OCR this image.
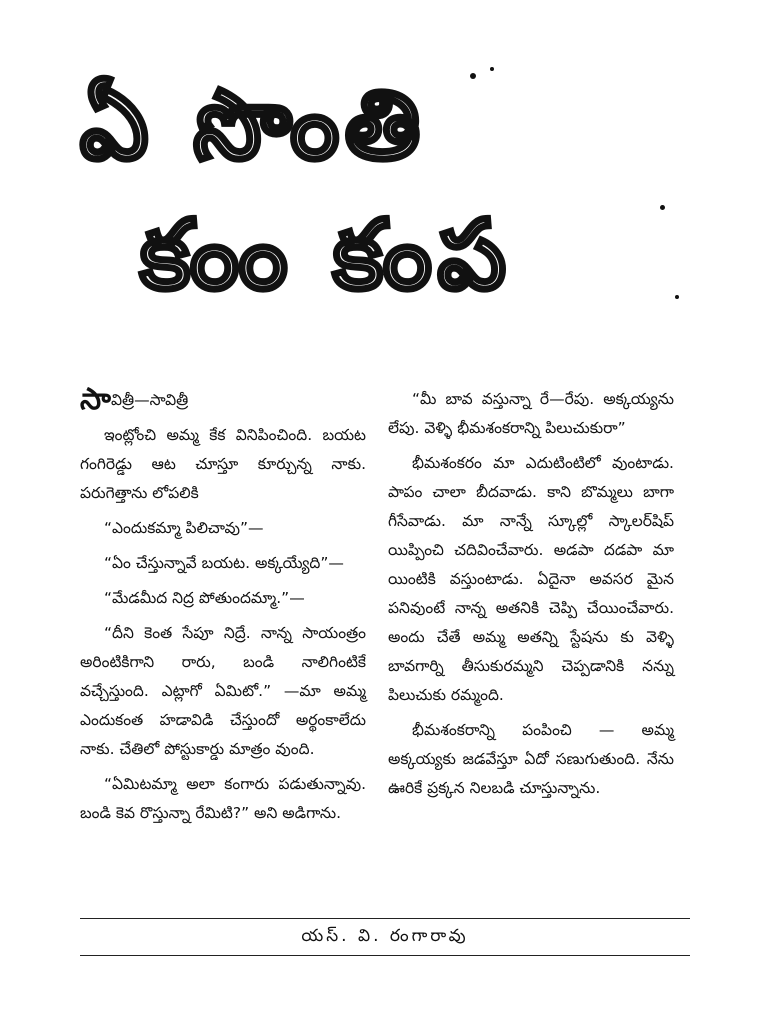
ఏ సొంతి
కంం కంప

సావిత్రీ—సావిత్రీ

ఇంట్లోంచి అమ్మ కేక వినిపించింది. బయట గంగిరెడ్డు ఆట చూస్తూ కూర్చున్న నాకు. పరుగెత్తాను లోపలికి

“ఎందుకమ్మా పిలిచావు”—

“ఏం చేస్తున్నావే బయట. అక్కయ్యేది”—

“మేడమీద నిద్ర పోతుందమ్మా.”—

“దీని కెంత సేపూ నిద్రే. నాన్న సాయంత్రం అరింటికిగాని రారు, బండి నాలిగింటికే వచ్చేస్తుంది. ఎట్లాగో ఏమిటో.” —మా అమ్మ ఎందుకంత హడావిడి చేస్తుందో అర్థంకాలేదు నాకు. చేతిలో పోస్టుకార్డు మాత్రం వుంది.

“ఏమిటమ్మా అలా కంగారు పడుతున్నావు. బండి కెవ రొస్తున్నా రేమిటి?” అని అడిగాను.

“మీ బావ వస్తున్నా రే—రేపు. అక్కయ్యను లేపు. వెళ్ళి భీమశంకరాన్ని పిలుచుకురా”

భీమశంకరం మా ఎదుటింటిలో వుంటాడు. పాపం చాలా బీదవాడు. కాని బొమ్మలు బాగా గీసేవాడు. మా నాన్నే స్కూల్లో స్కాలర్‌షిప్ యిప్పించి చదివించేవారు. అడపా దడపా మా యింటికి వస్తుంటాడు. ఏదైనా అవసర మైన పనివుంటే నాన్న అతనికి చెప్పి చేయించేవారు. అందు చేతే అమ్మ అతన్ని స్టేషను కు వెళ్ళి బావగార్ని తీసుకురమ్మని చెప్పడానికి నన్ను పిలుచుకు రమ్మంది.

భీమశంకరాన్ని పంపించి — అమ్మ అక్కయ్యకు జడవేస్తూ ఏదో సణుగుతుంది. నేను ఊరికే ప్రక్కన నిలబడి చూస్తున్నాను.

యస్. వి. రంగారావు
